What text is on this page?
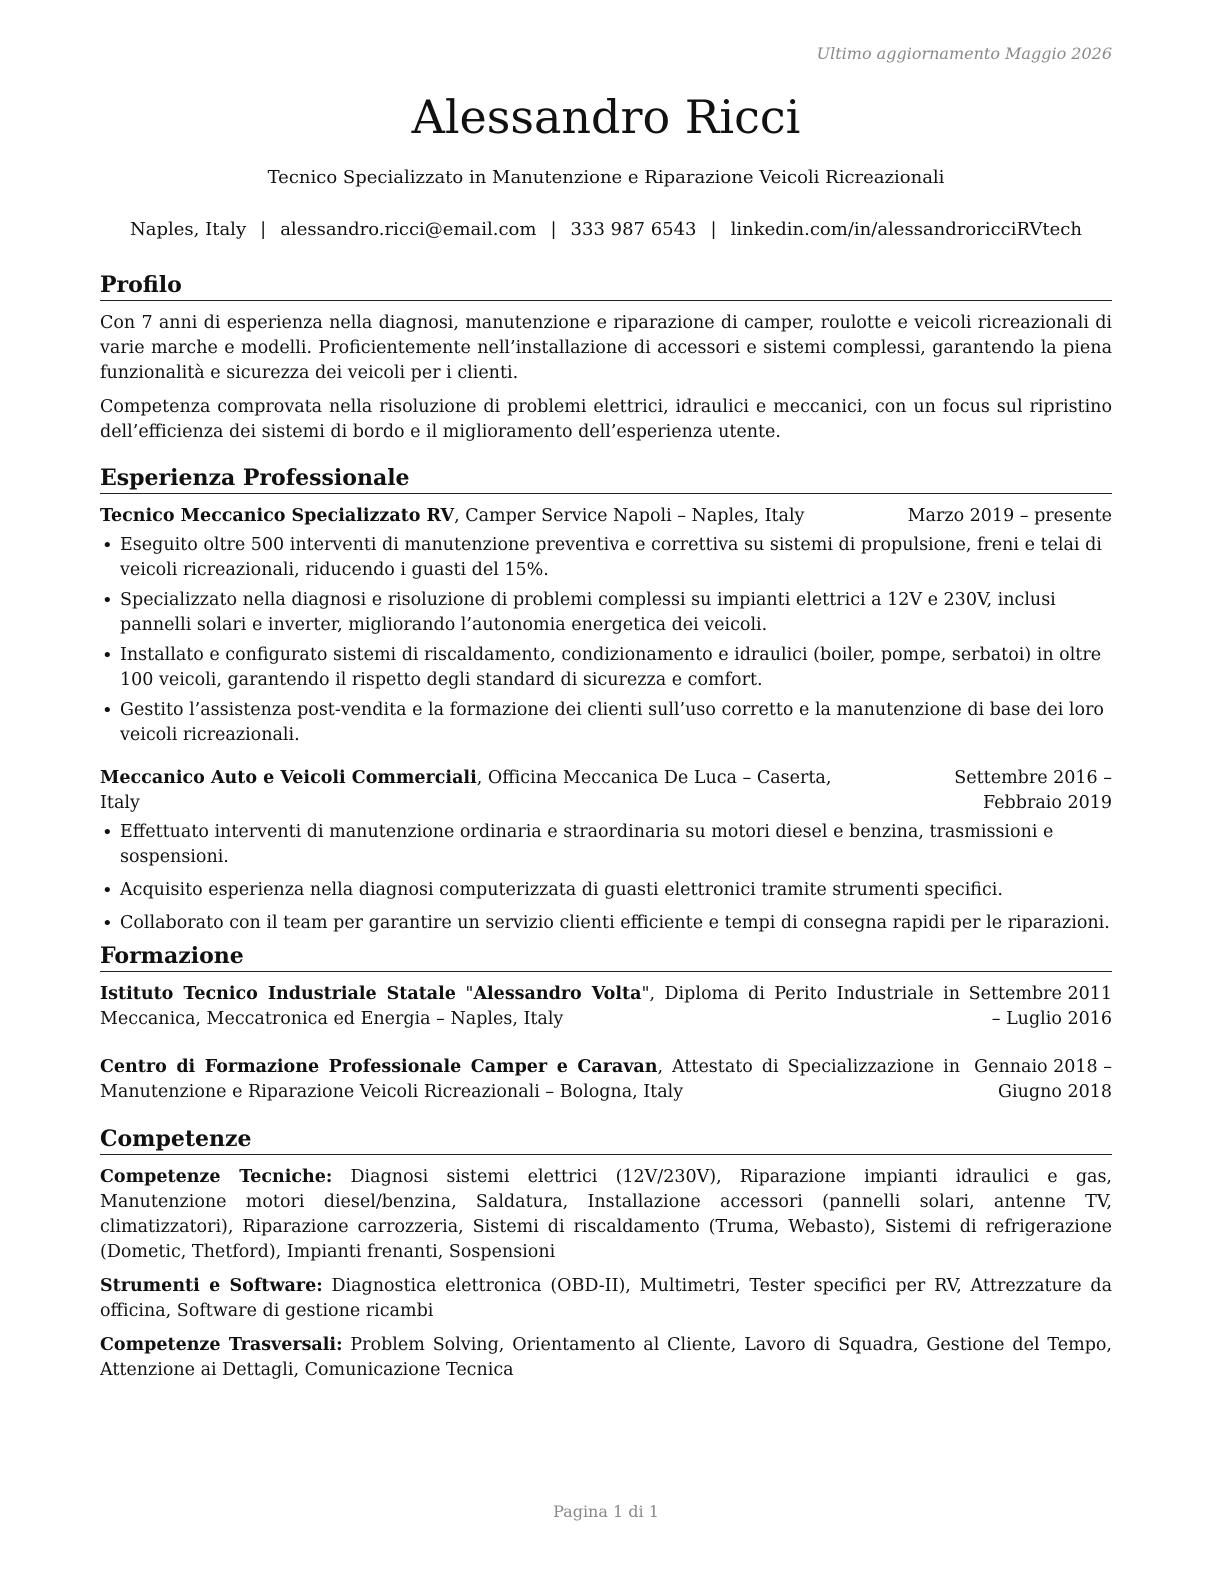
Ultimo aggiornamento Maggio 2026
Alessandro Ricci
Tecnico Specializzato in Manutenzione e Riparazione Veicoli Ricreazionali
Naples, Italy | alessandro.ricci@email.com | 333 987 6543 | linkedin.com/in/alessandroricciRVtech
Profilo

Con 7 anni di esperienza nella diagnosi, manutenzione e riparazione di camper, roulotte e veicoli ricreazionali di varie marche e modelli. Proficientemente nell’installazione di accessori e sistemi complessi, garantendo la piena funzionalità e sicurezza dei veicoli per i clienti.

Competenza comprovata nella risoluzione di problemi elettrici, idraulici e meccanici, con un focus sul ripristino dell’efficienza dei sistemi di bordo e il miglioramento dell’esperienza utente.

Esperienza Professionale
Tecnico Meccanico Specializzato RV, Camper Service Napoli – Naples, Italy	Marzo 2019 – presente
• Eseguito oltre 500 interventi di manutenzione preventiva e correttiva su sistemi di propulsione, freni e telai di veicoli ricreazionali, riducendo i guasti del 15%.
• Specializzato nella diagnosi e risoluzione di problemi complessi su impianti elettrici a 12V e 230V, inclusi pannelli solari e inverter, migliorando l’autonomia energetica dei veicoli.
• Installato e configurato sistemi di riscaldamento, condizionamento e idraulici (boiler, pompe, serbatoi) in oltre 100 veicoli, garantendo il rispetto degli standard di sicurezza e comfort.
• Gestito l’assistenza post-vendita e la formazione dei clienti sull’uso corretto e la manutenzione di base dei loro veicoli ricreazionali.
Meccanico Auto e Veicoli Commerciali, Officina Meccanica De Luca – Caserta, Italy
Settembre 2016 – Febbraio 2019
• Effettuato interventi di manutenzione ordinaria e straordinaria su motori diesel e benzina, trasmissioni e sospensioni.
• Acquisito esperienza nella diagnosi computerizzata di guasti elettronici tramite strumenti specifici.
• Collaborato con il team per garantire un servizio clienti efficiente e tempi di consegna rapidi per le riparazioni.
Formazione
Istituto Tecnico Industriale Statale "Alessandro Volta", Diploma di Perito Industriale in Meccanica, Meccatronica ed Energia – Naples, Italy
Settembre 2011 – Luglio 2016
Centro di Formazione Professionale Camper e Caravan, Attestato di Specializzazione in Manutenzione e Riparazione Veicoli Ricreazionali – Bologna, Italy
Gennaio 2018 – Giugno 2018
Competenze

Competenze Tecniche: Diagnosi sistemi elettrici (12V/230V), Riparazione impianti idraulici e gas, Manutenzione motori diesel/benzina, Saldatura, Installazione accessori (pannelli solari, antenne TV, climatizzatori), Riparazione carrozzeria, Sistemi di riscaldamento (Truma, Webasto), Sistemi di refrigerazione (Dometic, Thetford), Impianti frenanti, Sospensioni

Strumenti e Software: Diagnostica elettronica (OBD-II), Multimetri, Tester specifici per RV, Attrezzature da officina, Software di gestione ricambi

Competenze Trasversali: Problem Solving, Orientamento al Cliente, Lavoro di Squadra, Gestione del Tempo, Attenzione ai Dettagli, Comunicazione Tecnica

Pagina 1 di 1
